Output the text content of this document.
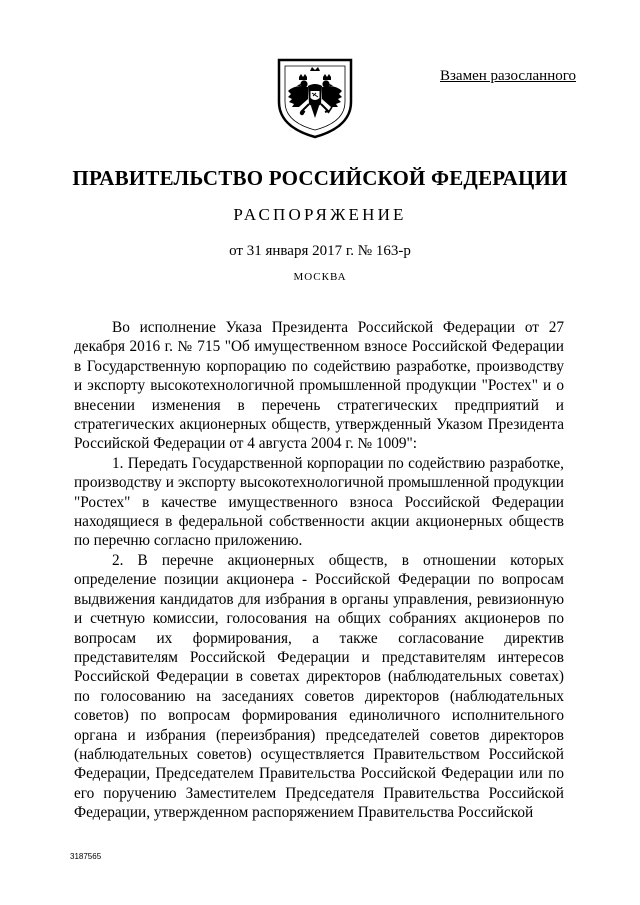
Взамен разосланного
ПРАВИТЕЛЬСТВО РОССИЙСКОЙ ФЕДЕРАЦИИ
РАСПОРЯЖЕНИЕ
от 31 января 2017 г. № 163-р
МОСКВА

Во исполнение Указа Президента Российской Федерации от 27 декабря 2016 г. № 715 "Об имущественном взносе Российской Федерации в Государственную корпорацию по содействию разработке, производству и экспорту высокотехнологичной промышленной продукции "Ростех" и о внесении изменения в перечень стратегических предприятий и стратегических акционерных обществ, утвержденный Указом Президента Российской Федерации от 4 августа 2004 г. № 1009":

1. Передать Государственной корпорации по содействию разработке, производству и экспорту высокотехнологичной промышленной продукции "Ростех" в качестве имущественного взноса Российской Федерации находящиеся в федеральной собственности акции акционерных обществ по перечню согласно приложению.

2. В перечне акционерных обществ, в отношении которых определение позиции акционера - Российской Федерации по вопросам выдвижения кандидатов для избрания в органы управления, ревизионную и счетную комиссии, голосования на общих собраниях акционеров по вопросам их формирования, а также согласование директив представителям Российской Федерации и представителям интересов Российской Федерации в советах директоров (наблюдательных советах) по голосованию на заседаниях советов директоров (наблюдательных советов) по вопросам формирования единоличного исполнительного органа и избрания (переизбрания) председателей советов директоров (наблюдательных советов) осуществляется Правительством Российской Федерации, Председателем Правительства Российской Федерации или по его поручению Заместителем Председателя Правительства Российской Федерации, утвержденном распоряжением Правительства Российской

3187565
